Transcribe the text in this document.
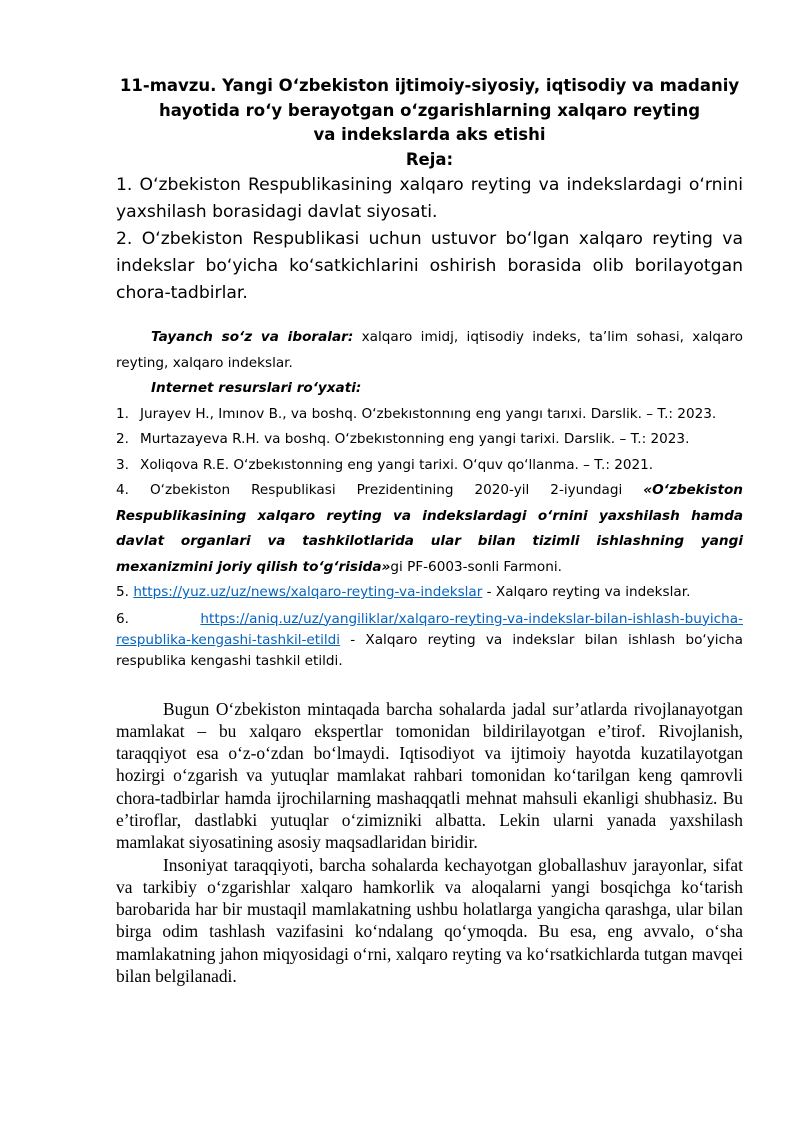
11-mavzu. Yangi O‘zbekiston ijtimoiy-siyosiy, iqtisodiy va madaniy

hayotida ro‘y berayotgan o‘zgarishlarning xalqaro reyting

va indekslarda aks etishi

Reja:

1. O‘zbekiston Respublikasining xalqaro reyting va indekslardagi o‘rnini yaxshilash borasidagi davlat siyosati.

2. O‘zbekiston Respublikasi uchun ustuvor bo‘lgan xalqaro reyting va indekslar bo‘yicha ko‘satkichlarini oshirish borasida olib borilayotgan chora-tadbirlar.

Tayanch so‘z va iboralar: xalqaro imidj, iqtisodiy indeks, ta’lim sohasi, xalqaro reyting, xalqaro indekslar.

Internet resurslari ro‘yxati:

1. Jurayev H., Imınov B., va boshq. O‘zbekıstonnıng eng yangı tarıxi. Darslik. – T.: 2023.
2. Murtazayeva R.H. va boshq. O‘zbekıstonning eng yangi tarixi. Darslik. – T.: 2023.
3. Xoliqova R.E. O‘zbekıstonning eng yangi tarixi. O‘quv qo‘llanma. – T.: 2021.

4. O‘zbekiston Respublikasi Prezidentining 2020-yil 2-iyundagi «O‘zbekiston Respublikasining xalqaro reyting va indekslardagi o‘rnini yaxshilash hamda davlat organlari va tashkilotlarida ular bilan tizimli ishlashning yangi mexanizmini joriy qilish to‘g‘risida»gi PF-6003-sonli Farmoni.

5. https://yuz.uz/uz/news/xalqaro-reyting-va-indekslar - Xalqaro reyting va indekslar.

6.	https://aniq.uz/uz/yangiliklar/xalqaro-reyting-va-indekslar-bilan-ishlash-buyicha-respublika-kengashi-tashkil-etildi - Xalqaro reyting va indekslar bilan ishlash bo‘yicha respublika kengashi tashkil etildi.

Bugun O‘zbekiston mintaqada barcha sohalarda jadal sur’atlarda rivojlanayotgan mamlakat – bu xalqaro ekspertlar tomonidan bildirilayotgan e’tirof. Rivojlanish, taraqqiyot esa o‘z-o‘zdan bo‘lmaydi. Iqtisodiyot va ijtimoiy hayotda kuzatilayotgan hozirgi o‘zgarish va yutuqlar mamlakat rahbari tomonidan ko‘tarilgan keng qamrovli chora-tadbirlar hamda ijrochilarning mashaqqatli mehnat mahsuli ekanligi shubhasiz. Bu e’tiroflar, dastlabki yutuqlar o‘zimizniki albatta. Lekin ularni yanada yaxshilash mamlakat siyosatining asosiy maqsadlaridan biridir.

Insoniyat taraqqiyoti, barcha sohalarda kechayotgan globallashuv jarayonlar, sifat va tarkibiy o‘zgarishlar xalqaro hamkorlik va aloqalarni yangi bosqichga ko‘tarish barobarida har bir mustaqil mamlakatning ushbu holatlarga yangicha qarashga, ular bilan birga odim tashlash vazifasini ko‘ndalang qo‘ymoqda. Bu esa, eng avvalo, o‘sha mamlakatning jahon miqyosidagi o‘rni, xalqaro reyting va ko‘rsatkichlarda tutgan mavqei bilan belgilanadi.
